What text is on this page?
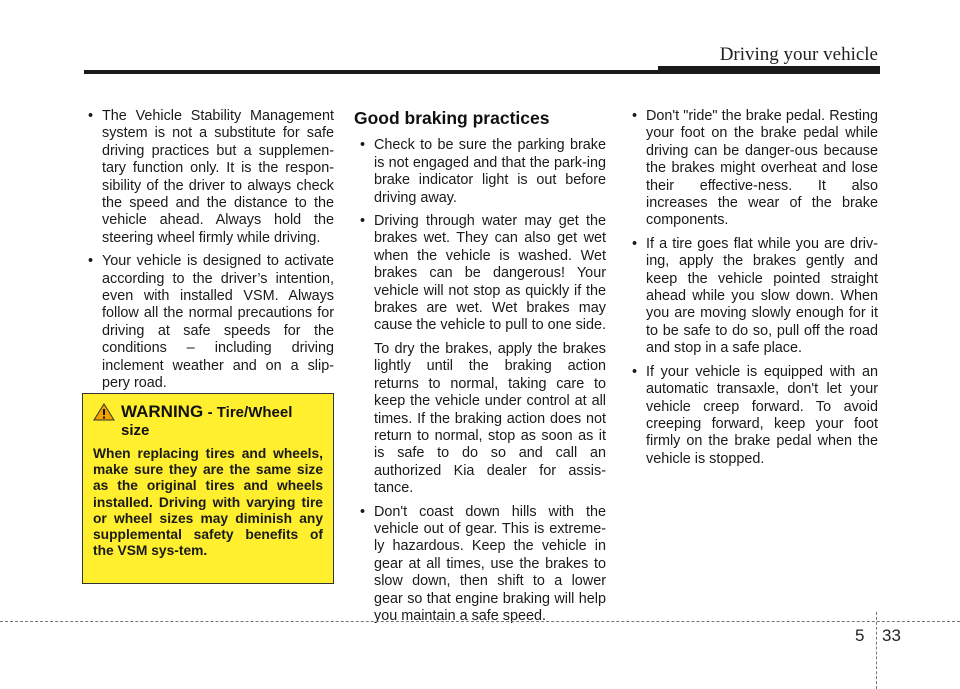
Driving your vehicle
• The Vehicle Stability Management system is not a substitute for safe driving practices but a supplemen-tary function only. It is the respon-sibility of the driver to always check the speed and the distance to the vehicle ahead. Always hold the steering wheel firmly while driving.
• Your vehicle is designed to activate according to the driver’s intention, even with installed VSM. Always follow all the normal precautions for driving at safe speeds for the conditions – including driving inclement weather and on a slip-pery road.
WARNING - Tire/Wheel size
When replacing tires and wheels, make sure they are the same size as the original tires and wheels installed. Driving with varying tire or wheel sizes may diminish any supplemental safety benefits of the VSM sys-tem.
Good braking practices
• Check to be sure the parking brake is not engaged and that the park-ing brake indicator light is out before driving away.
• Driving through water may get the brakes wet. They can also get wet when the vehicle is washed. Wet brakes can be dangerous! Your vehicle will not stop as quickly if the brakes are wet. Wet brakes may cause the vehicle to pull to one side.

To dry the brakes, apply the brakes lightly until the braking action returns to normal, taking care to keep the vehicle under control at all times. If the braking action does not return to normal, stop as soon as it is safe to do so and call an authorized Kia dealer for assis-tance.

• Don't coast down hills with the vehicle out of gear. This is extreme-ly hazardous. Keep the vehicle in gear at all times, use the brakes to slow down, then shift to a lower gear so that engine braking will help you maintain a safe speed.
• Don't "ride" the brake pedal. Resting your foot on the brake pedal while driving can be danger-ous because the brakes might overheat and lose their effective-ness. It also increases the wear of the brake components.
• If a tire goes flat while you are driv-ing, apply the brakes gently and keep the vehicle pointed straight ahead while you slow down. When you are moving slowly enough for it to be safe to do so, pull off the road and stop in a safe place.
• If your vehicle is equipped with an automatic transaxle, don't let your vehicle creep forward. To avoid creeping forward, keep your foot firmly on the brake pedal when the vehicle is stopped.
5 33
